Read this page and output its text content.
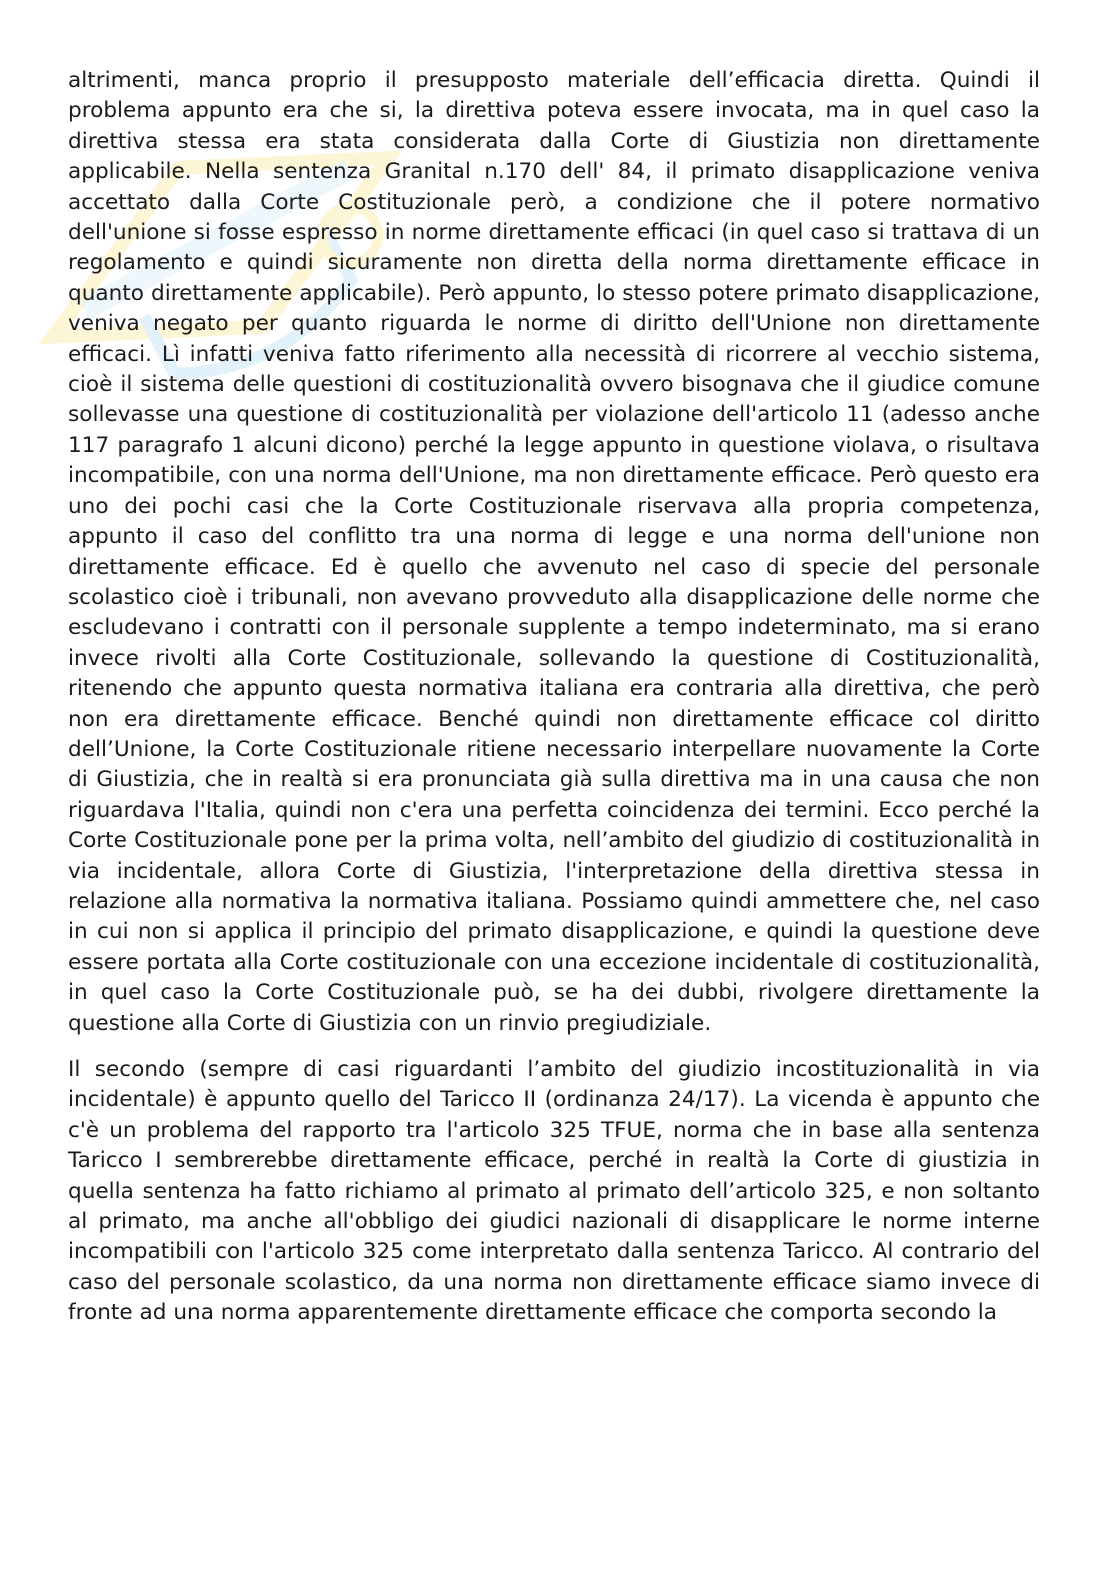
altrimenti, manca proprio il presupposto materiale dell’efficacia diretta. Quindi il problema appunto era che si, la direttiva poteva essere invocata, ma in quel caso la direttiva stessa era stata considerata dalla Corte di Giustizia non direttamente applicabile. Nella sentenza Granital n.170 dell' 84, il primato disapplicazione veniva accettato dalla Corte Costituzionale però, a condizione che il potere normativo dell'unione si fosse espresso in norme direttamente efficaci (in quel caso si trattava di un regolamento e quindi sicuramente non diretta della norma direttamente efficace in quanto direttamente applicabile). Però appunto, lo stesso potere primato disapplicazione, veniva negato per quanto riguarda le norme di diritto dell'Unione non direttamente efficaci. Lì infatti veniva fatto riferimento alla necessità di ricorrere al vecchio sistema, cioè il sistema delle questioni di costituzionalità ovvero bisognava che il giudice comune sollevasse una questione di costituzionalità per violazione dell'articolo 11 (adesso anche 117 paragrafo 1 alcuni dicono) perché la legge appunto in questione violava, o risultava incompatibile, con una norma dell'Unione, ma non direttamente efficace. Però questo era uno dei pochi casi che la Corte Costituzionale riservava alla propria competenza, appunto il caso del conflitto tra una norma di legge e una norma dell'unione non direttamente efficace. Ed è quello che avvenuto nel caso di specie del personale scolastico cioè i tribunali, non avevano provveduto alla disapplicazione delle norme che escludevano i contratti con il personale supplente a tempo indeterminato, ma si erano invece rivolti alla Corte Costituzionale, sollevando la questione di Costituzionalità, ritenendo che appunto questa normativa italiana era contraria alla direttiva, che però non era direttamente efficace. Benché quindi non direttamente efficace col diritto dell’Unione, la Corte Costituzionale ritiene necessario interpellare nuovamente la Corte di Giustizia, che in realtà si era pronunciata già sulla direttiva ma in una causa che non riguardava l'Italia, quindi non c'era una perfetta coincidenza dei termini. Ecco perché la Corte Costituzionale pone per la prima volta, nell’ambito del giudizio di costituzionalità in via incidentale, allora Corte di Giustizia, l'interpretazione della direttiva stessa in relazione alla normativa la normativa italiana. Possiamo quindi ammettere che, nel caso in cui non si applica il principio del primato disapplicazione, e quindi la questione deve essere portata alla Corte costituzionale con una eccezione incidentale di costituzionalità, in quel caso la Corte Costituzionale può, se ha dei dubbi, rivolgere direttamente la questione alla Corte di Giustizia con un rinvio pregiudiziale.

Il secondo (sempre di casi riguardanti l’ambito del giudizio incostituzionalità in via incidentale) è appunto quello del Taricco II (ordinanza 24/17). La vicenda è appunto che c'è un problema del rapporto tra l'articolo 325 TFUE, norma che in base alla sentenza Taricco I sembrerebbe direttamente efficace, perché in realtà la Corte di giustizia in quella sentenza ha fatto richiamo al primato al primato dell’articolo 325, e non soltanto al primato, ma anche all'obbligo dei giudici nazionali di disapplicare le norme interne incompatibili con l'articolo 325 come interpretato dalla sentenza Taricco. Al contrario del caso del personale scolastico, da una norma non direttamente efficace siamo invece di fronte ad una norma apparentemente direttamente efficace che comporta secondo la
